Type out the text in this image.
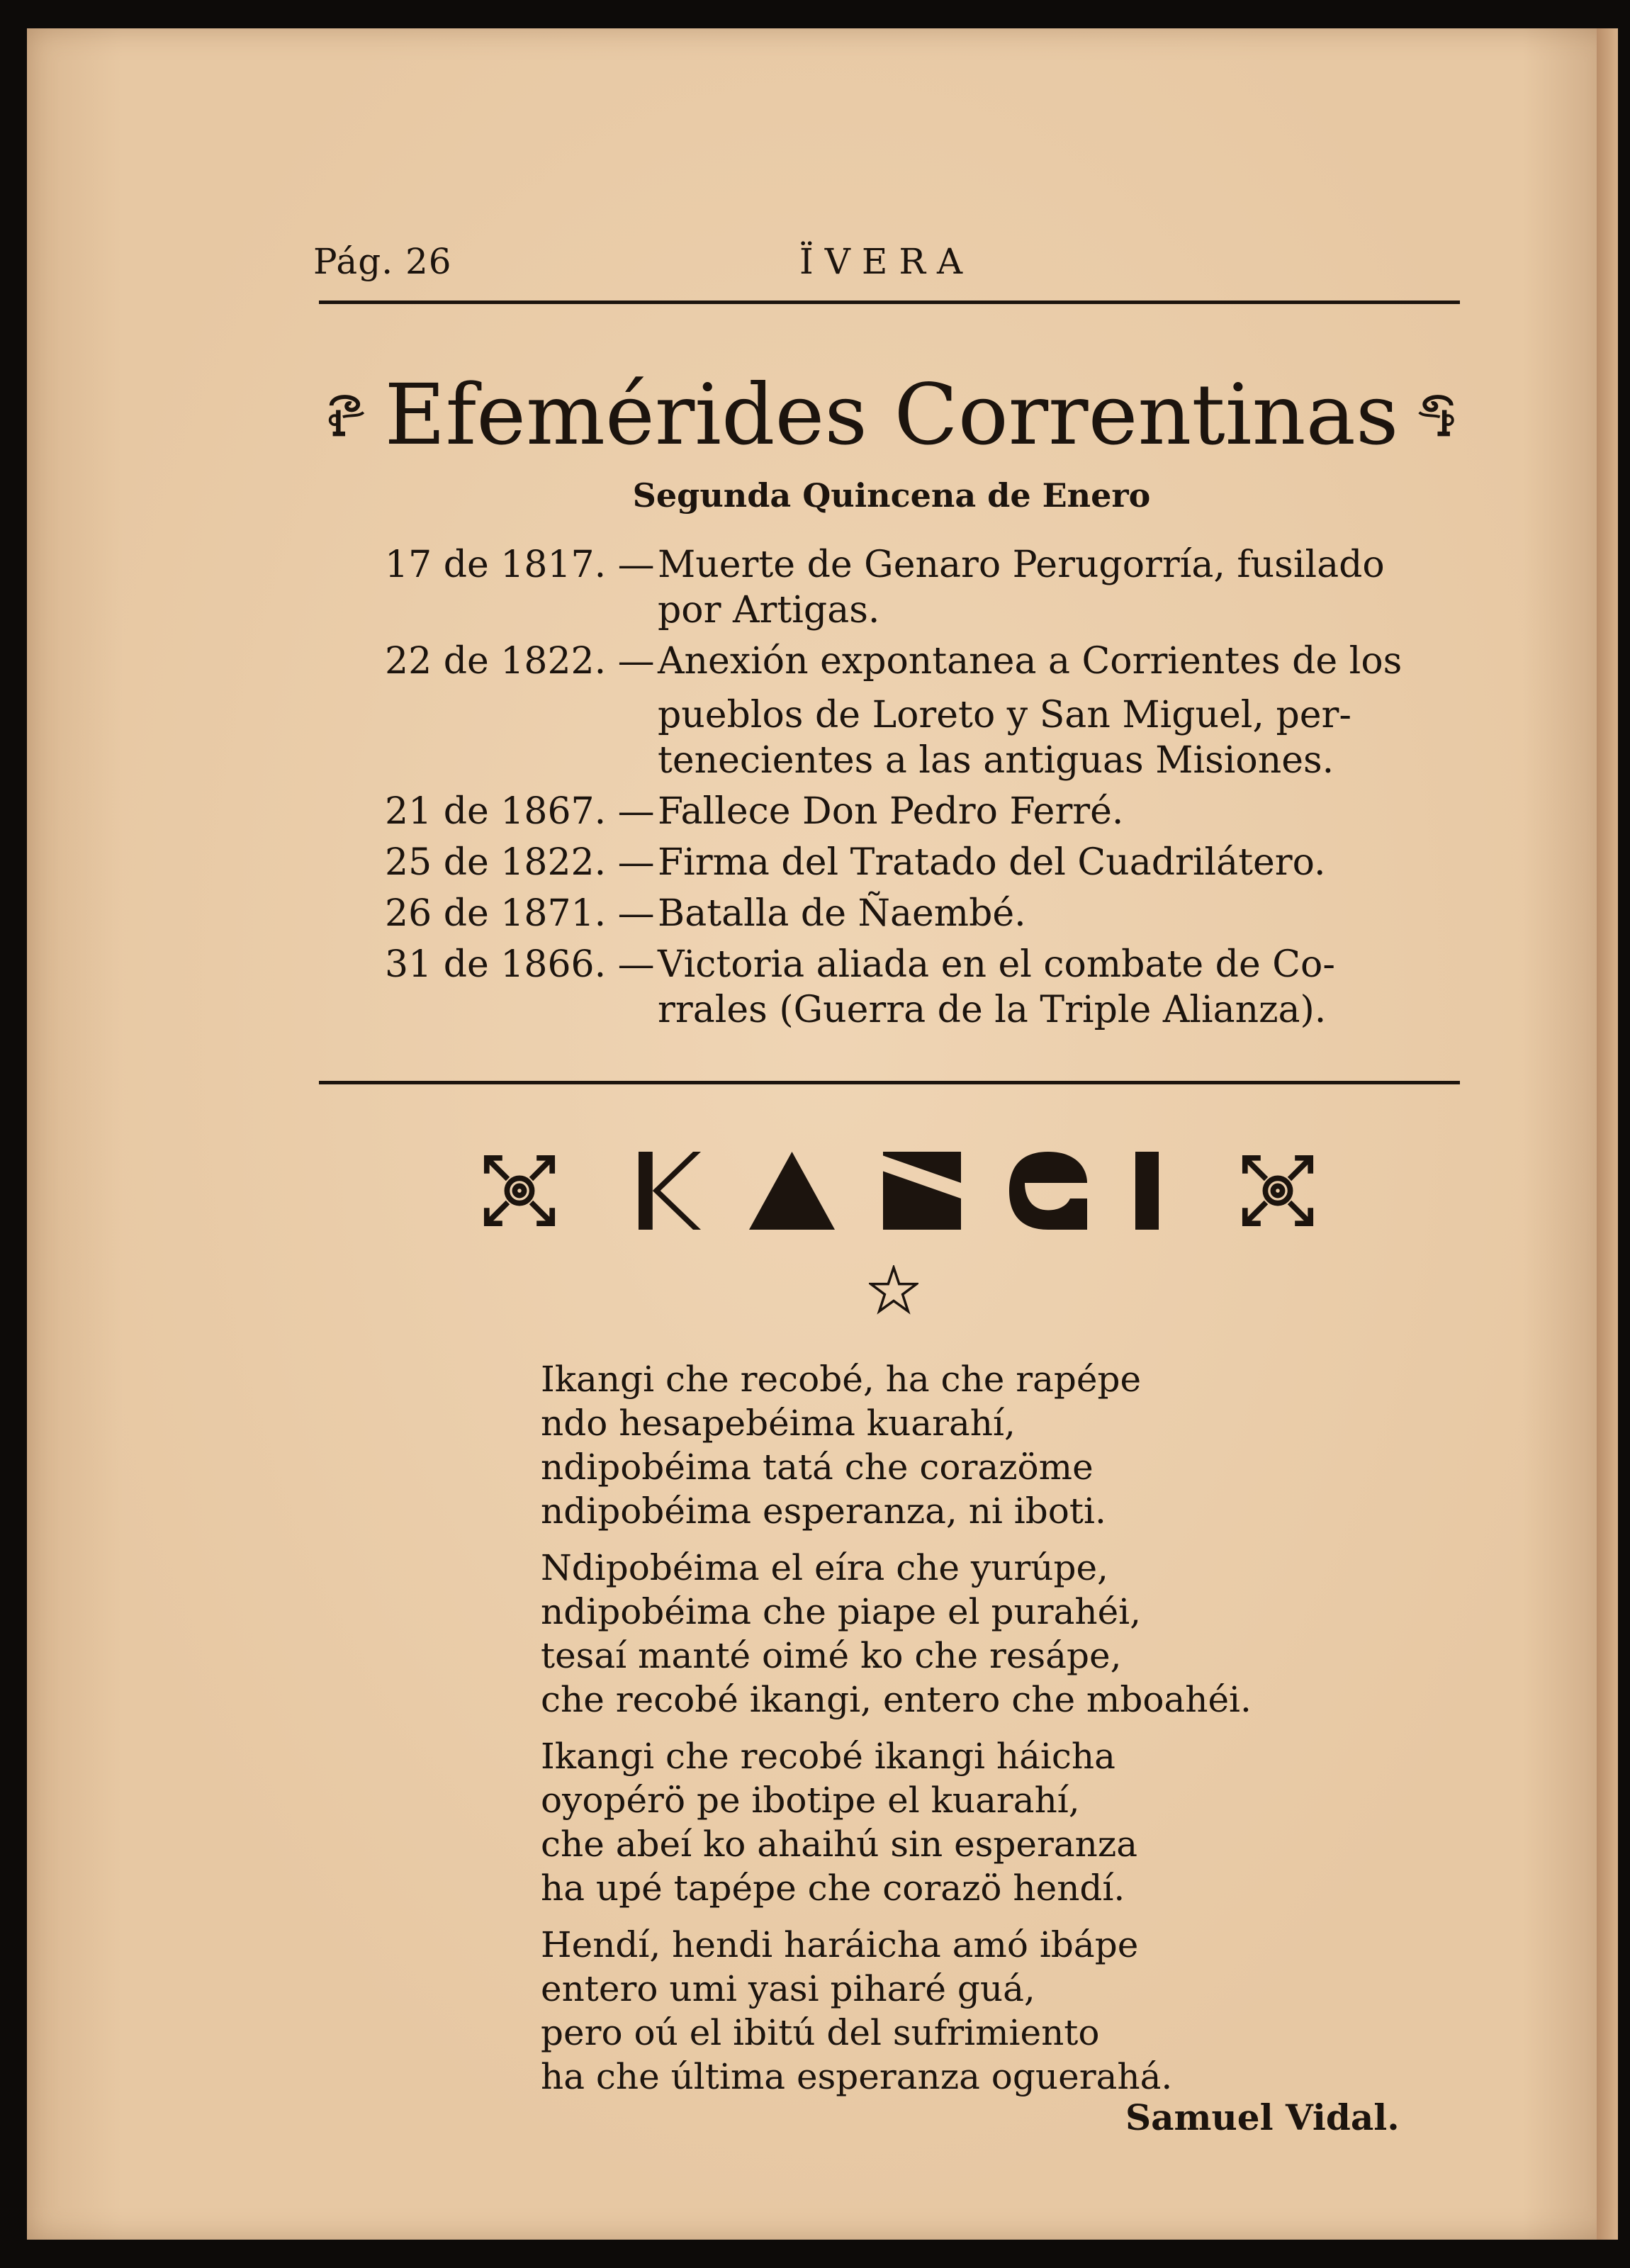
Pág. 26	ÏVERA
Efemérides Correntinas
Segunda Quincena de Enero
17 de 1817. — Muerte de Genaro Perugorría, fusilado
por Artigas.
22 de 1822. — Anexión expontanea a Corrientes de los
pueblos de Loreto y San Miguel, per-
tenecientes a las antiguas Misiones.
21 de 1867. — Fallece Don Pedro Ferré.
25 de 1822. — Firma del Tratado del Cuadrilátero.
26 de 1871. — Batalla de Ñaembé.
31 de 1866. — Victoria aliada en el combate de Co-
rrales (Guerra de la Triple Alianza).
Ikangi che recobé, ha che rapépe
ndo hesapebéima kuarahí,
ndipobéima tatá che corazöme
ndipobéima esperanza, ni iboti.
Ndipobéima el eíra che yurúpe,
ndipobéima che piape el purahéi,
tesaí manté oimé ko che resápe,
che recobé ikangi, entero che mboahéi.
Ikangi che recobé ikangi háicha
oyopérö pe ibotipe el kuarahí,
che abeí ko ahaihú sin esperanza
ha upé tapépe che corazö hendí.
Hendí, hendi haráicha amó ibápe
entero umi yasi piharé guá,
pero oú el ibitú del sufrimiento
ha che última esperanza oguerahá.
Samuel Vidal.
